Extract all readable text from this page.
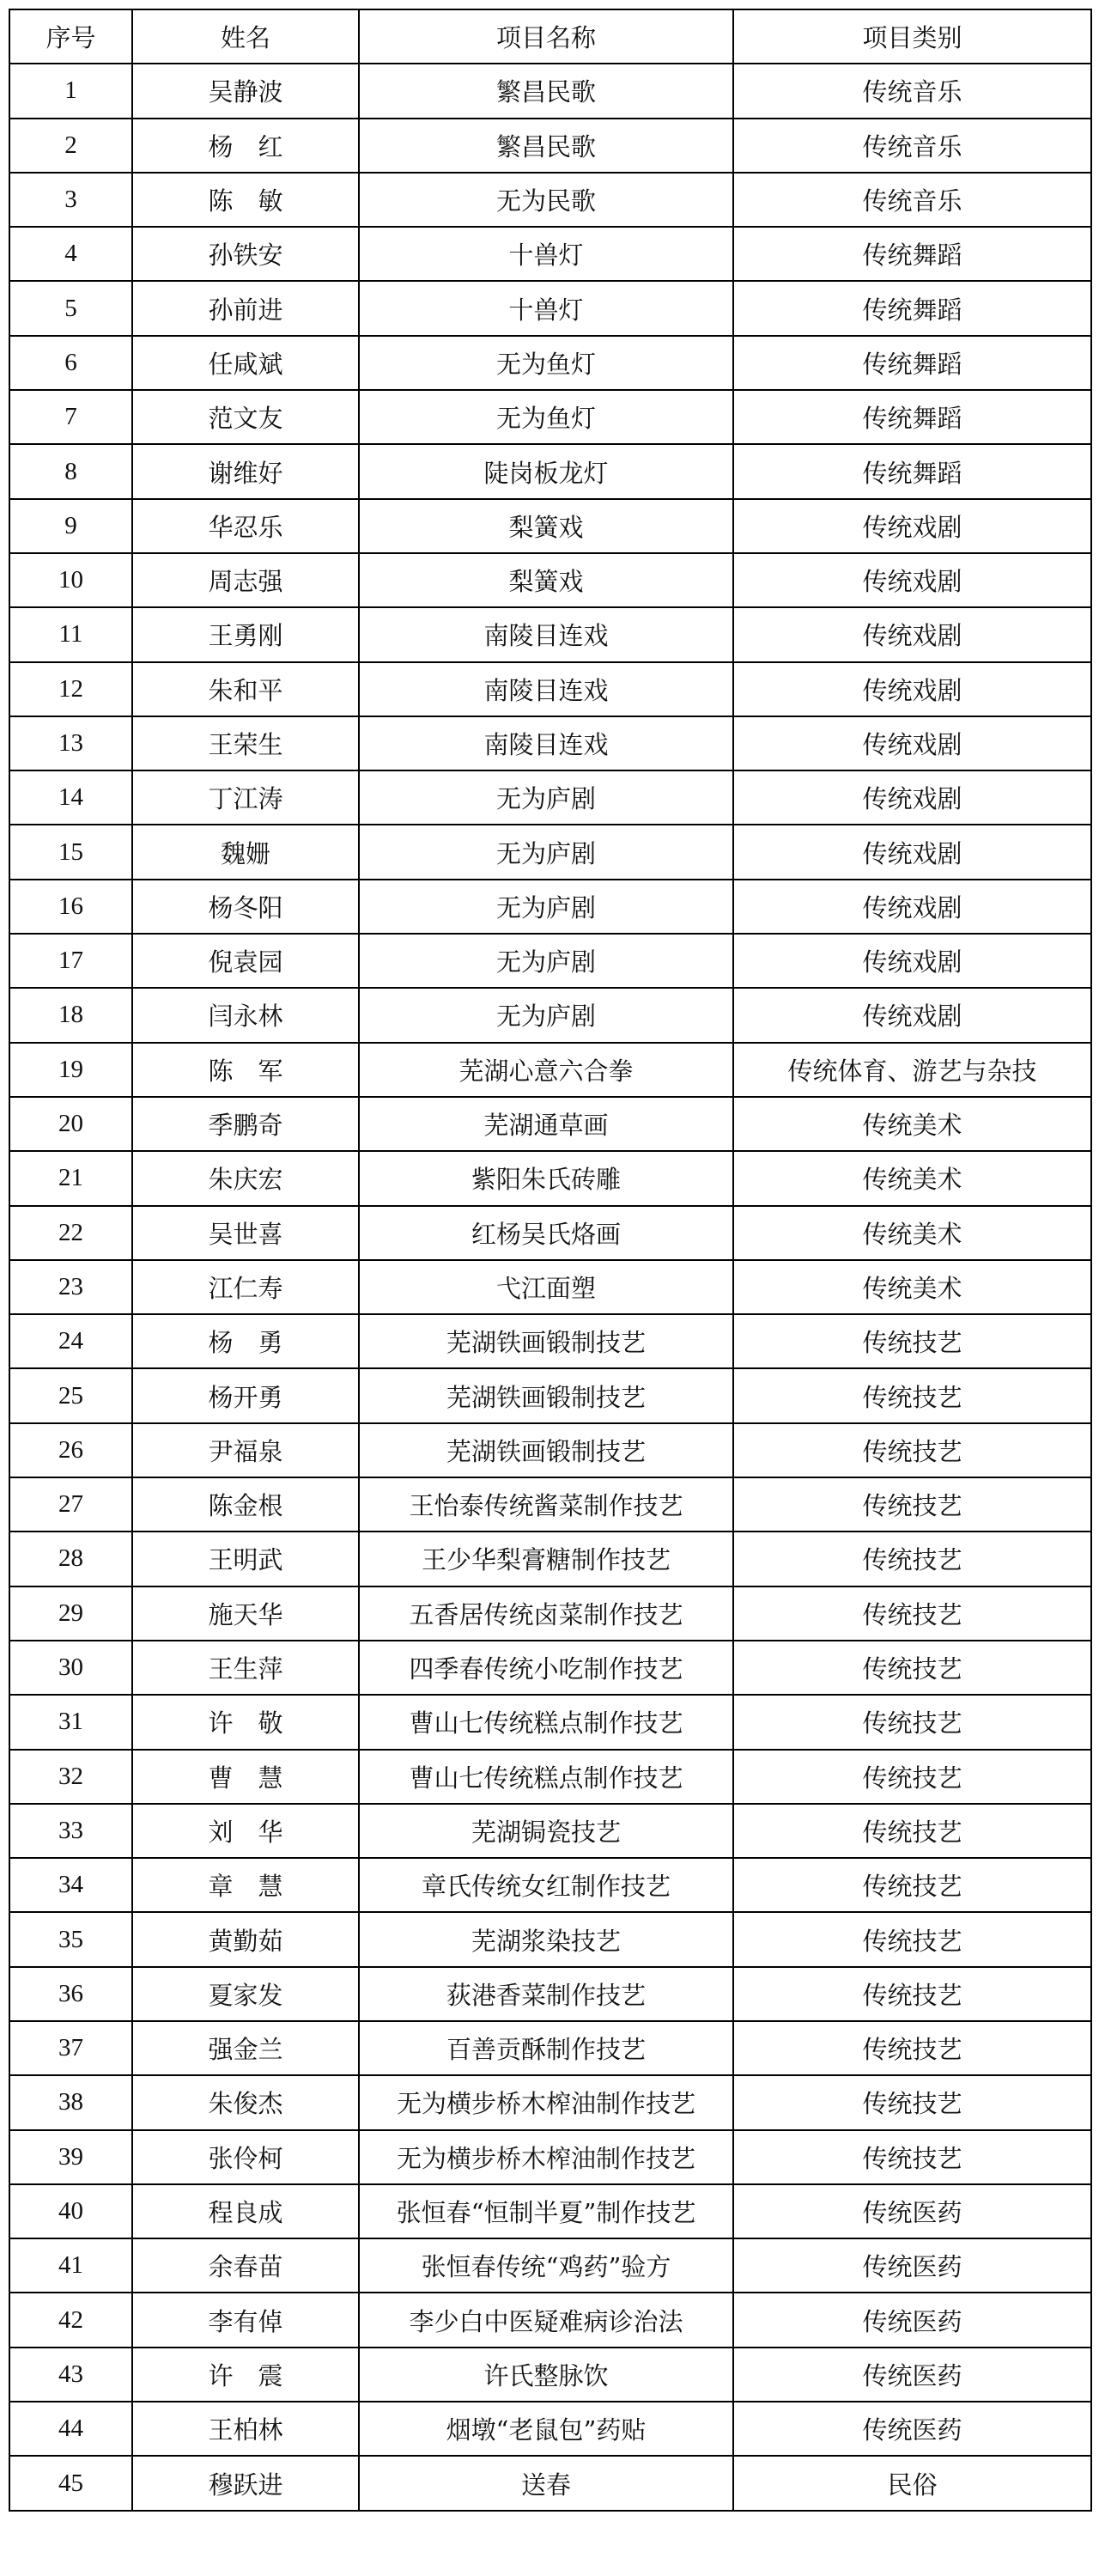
序号	姓名	项目名称	项目类别
1	吴静波	繁昌民歌	传统音乐
2	杨　红	繁昌民歌	传统音乐
3	陈　敏	无为民歌	传统音乐
4	孙铁安	十兽灯	传统舞蹈
5	孙前进	十兽灯	传统舞蹈
6	任咸斌	无为鱼灯	传统舞蹈
7	范文友	无为鱼灯	传统舞蹈
8	谢维好	陡岗板龙灯	传统舞蹈
9	华忍乐	梨簧戏	传统戏剧
10	周志强	梨簧戏	传统戏剧
11	王勇刚	南陵目连戏	传统戏剧
12	朱和平	南陵目连戏	传统戏剧
13	王荣生	南陵目连戏	传统戏剧
14	丁江涛	无为庐剧	传统戏剧
15	魏姗	无为庐剧	传统戏剧
16	杨冬阳	无为庐剧	传统戏剧
17	倪袁园	无为庐剧	传统戏剧
18	闫永林	无为庐剧	传统戏剧
19	陈　军	芜湖心意六合拳	传统体育、游艺与杂技
20	季鹏奇	芜湖通草画	传统美术
21	朱庆宏	紫阳朱氏砖雕	传统美术
22	吴世喜	红杨吴氏烙画	传统美术
23	江仁寿	弋江面塑	传统美术
24	杨　勇	芜湖铁画锻制技艺	传统技艺
25	杨开勇	芜湖铁画锻制技艺	传统技艺
26	尹福泉	芜湖铁画锻制技艺	传统技艺
27	陈金根	王怡泰传统酱菜制作技艺	传统技艺
28	王明武	王少华梨膏糖制作技艺	传统技艺
29	施天华	五香居传统卤菜制作技艺	传统技艺
30	王生萍	四季春传统小吃制作技艺	传统技艺
31	许　敬	曹山七传统糕点制作技艺	传统技艺
32	曹　慧	曹山七传统糕点制作技艺	传统技艺
33	刘　华	芜湖锔瓷技艺	传统技艺
34	章　慧	章氏传统女红制作技艺	传统技艺
35	黄勤茹	芜湖浆染技艺	传统技艺
36	夏家发	荻港香菜制作技艺	传统技艺
37	强金兰	百善贡酥制作技艺	传统技艺
38	朱俊杰	无为横步桥木榨油制作技艺	传统技艺
39	张伶柯	无为横步桥木榨油制作技艺	传统技艺
40	程良成	张恒春“恒制半夏”制作技艺	传统医药
41	余春苗	张恒春传统“鸡药”验方	传统医药
42	李有倬	李少白中医疑难病诊治法	传统医药
43	许　震	许氏整脉饮	传统医药
44	王柏林	烟墩“老鼠包”药贴	传统医药
45	穆跃进	送春	民俗
